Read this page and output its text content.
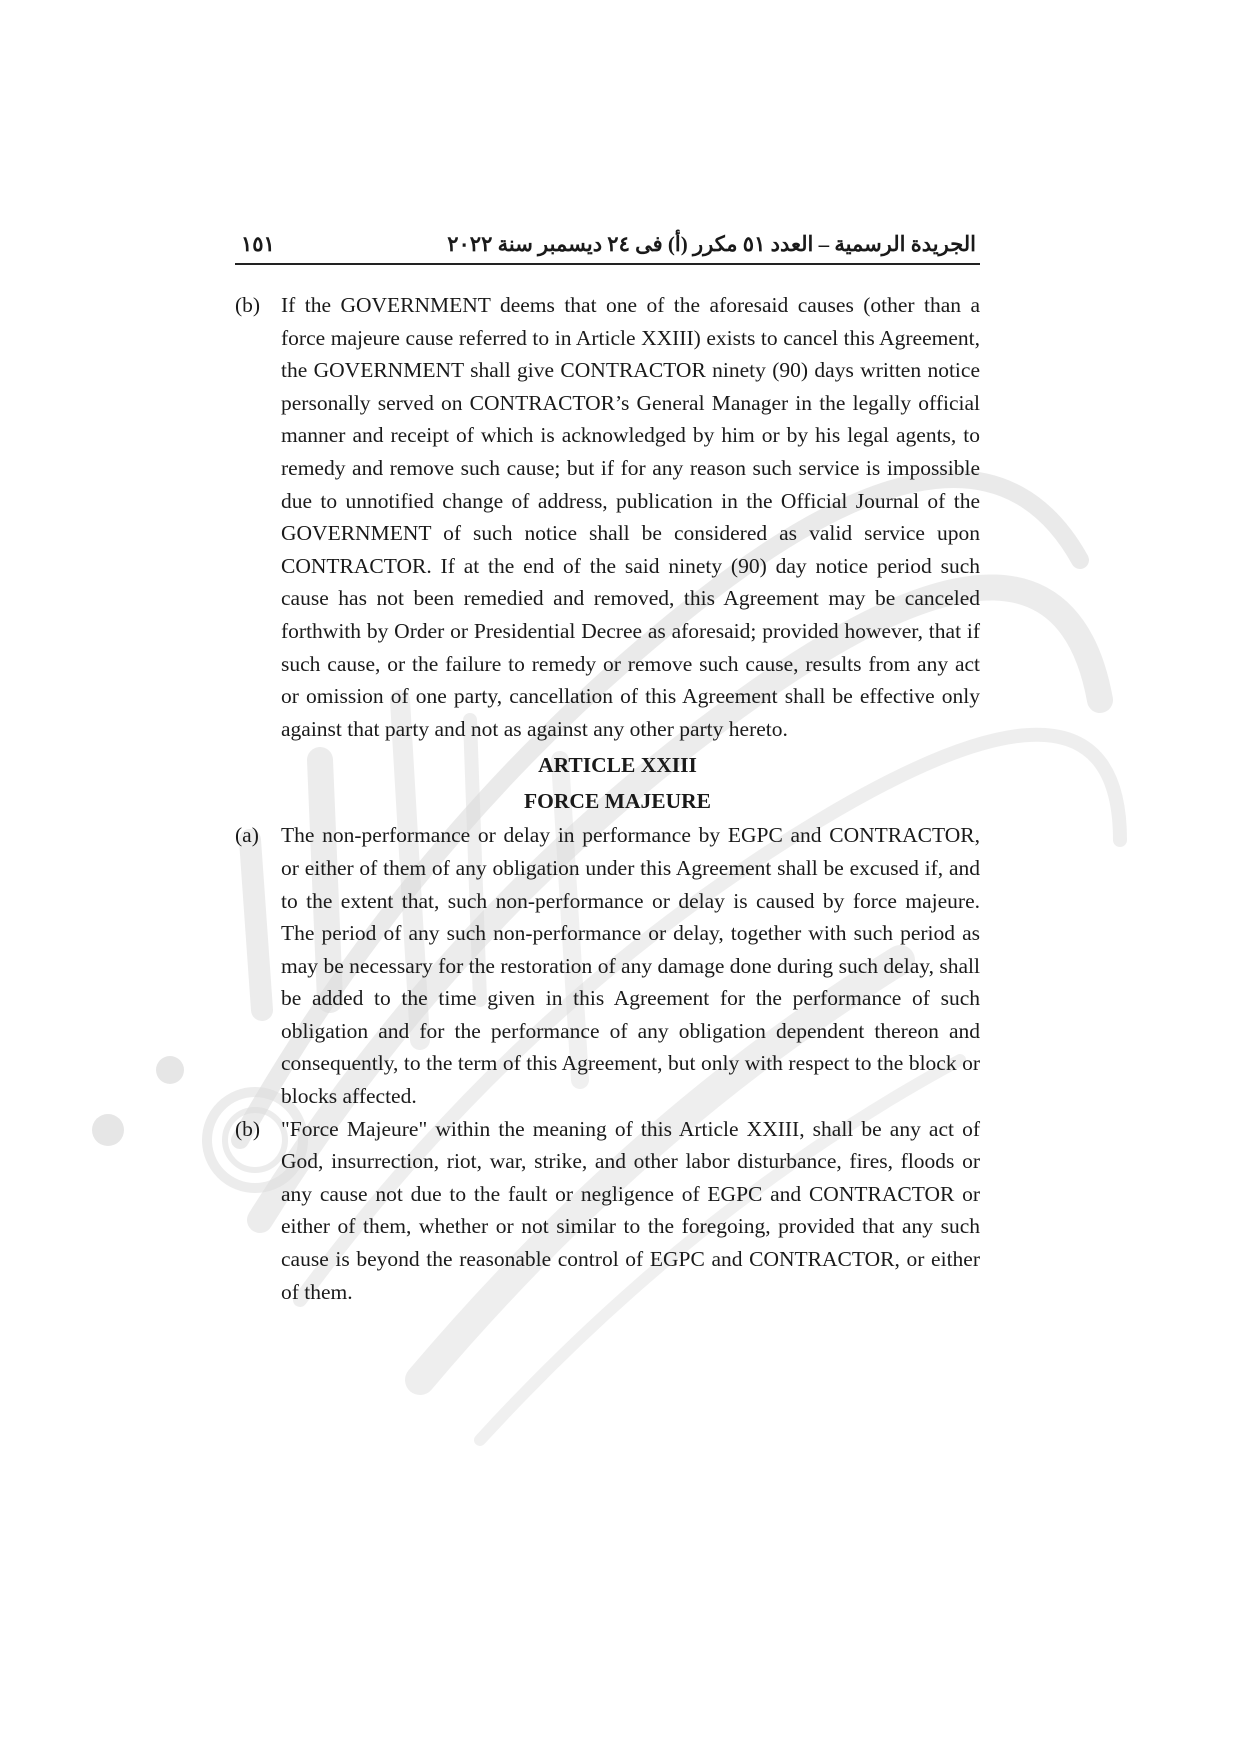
١٥١	الجريدة الرسمية – العدد ٥١ مكرر (أ) فى ٢٤ ديسمبر سنة ٢٠٢٢
(b) If the GOVERNMENT deems that one of the aforesaid causes (other than a force majeure cause referred to in Article XXIII) exists to cancel this Agreement, the GOVERNMENT shall give CONTRACTOR ninety (90) days written notice personally served on CONTRACTOR’s General Manager in the legally official manner and receipt of which is acknowledged by him or by his legal agents, to remedy and remove such cause; but if for any reason such service is impossible due to unnotified change of address, publication in the Official Journal of the GOVERNMENT of such notice shall be considered as valid service upon CONTRACTOR. If at the end of the said ninety (90) day notice period such cause has not been remedied and removed, this Agreement may be canceled forthwith by Order or Presidential Decree as aforesaid; provided however, that if such cause, or the failure to remedy or remove such cause, results from any act or omission of one party, cancellation of this Agreement shall be effective only against that party and not as against any other party hereto.
ARTICLE XXIII
FORCE MAJEURE
(a)	The non-performance or delay in performance by EGPC and CONTRACTOR, or either of them of any obligation under this Agreement shall be excused if, and to the extent that, such non-performance or delay is caused by force majeure. The period of any such non-performance or delay, together with such period as may be necessary for the restoration of any damage done during such delay, shall be added to the time given in this Agreement for the performance of such obligation and for the performance of any obligation dependent thereon and consequently, to the term of this Agreement, but only with respect to the block or blocks affected.
(b) "Force Majeure" within the meaning of this Article XXIII, shall be any act of God, insurrection, riot, war, strike, and other labor disturbance, fires, floods or any cause not due to the fault or negligence of EGPC and CONTRACTOR or either of them, whether or not similar to the foregoing, provided that any such cause is beyond the reasonable control of EGPC and CONTRACTOR, or either of them.
